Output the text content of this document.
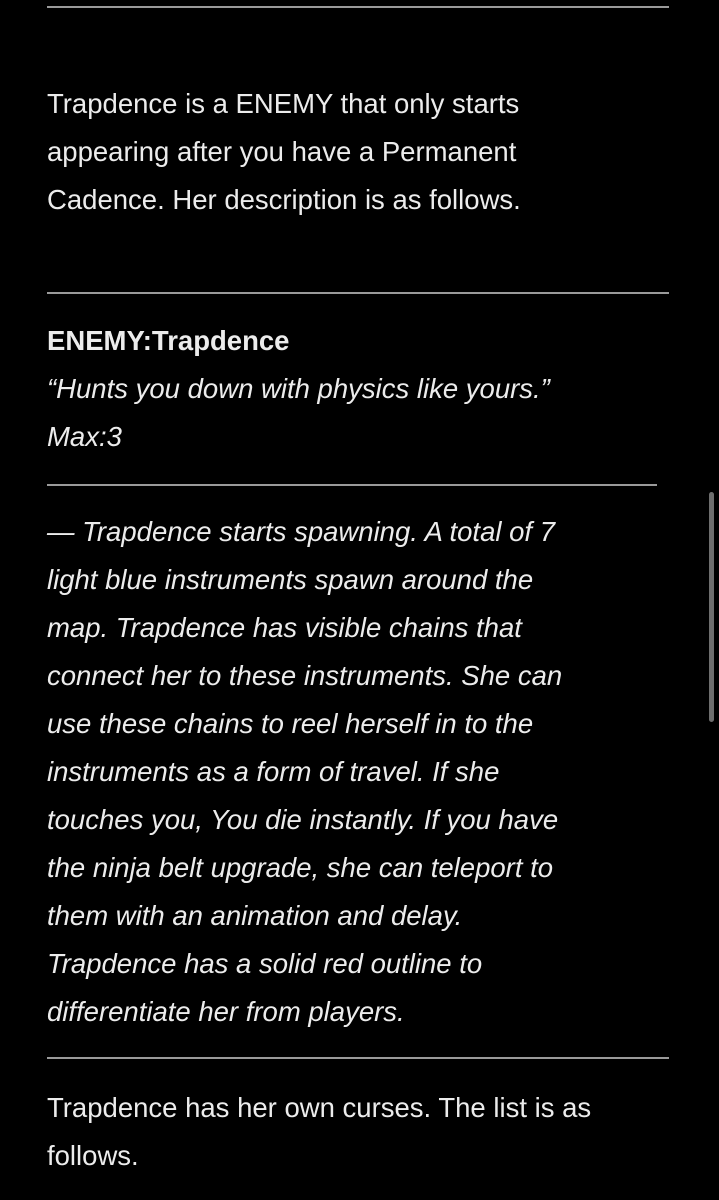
Trapdence is a ENEMY that only starts
appearing after you have a Permanent
Cadence. Her description is as follows.

ENEMY:Trapdence
“Hunts you down with physics like yours.”
Max:3

— Trapdence starts spawning. A total of 7
light blue instruments spawn around the
map. Trapdence has visible chains that
connect her to these instruments. She can
use these chains to reel herself in to the
instruments as a form of travel. If she
touches you, You die instantly. If you have
the ninja belt upgrade, she can teleport to
them with an animation and delay.
Trapdence has a solid red outline to
differentiate her from players.

Trapdence has her own curses. The list is as
follows.
